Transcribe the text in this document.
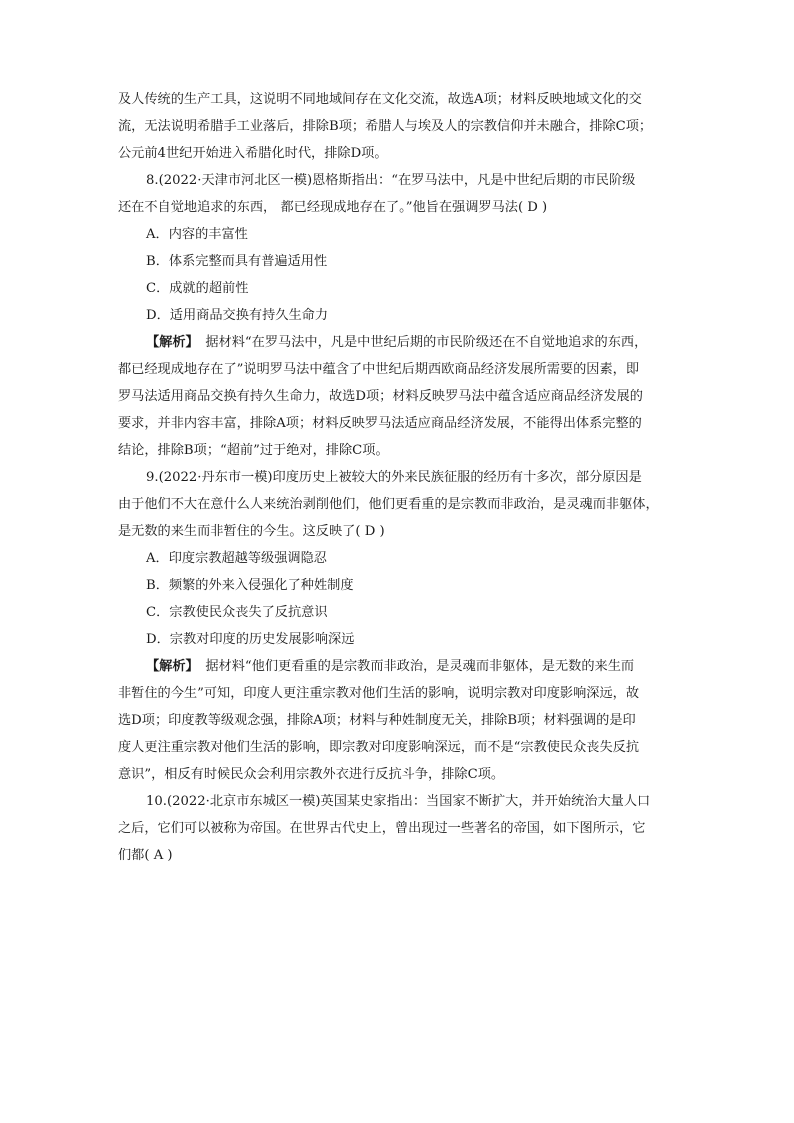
及人传统的生产工具，这说明不同地域间存在文化交流，故选A项；材料反映地域文化的交
流，无法说明希腊手工业落后，排除B项；希腊人与埃及人的宗教信仰并未融合，排除C项；
公元前4世纪开始进入希腊化时代，排除D项。
8.(2022·天津市河北区一模)恩格斯指出：“在罗马法中，凡是中世纪后期的市民阶级
还在不自觉地追求的东西， 都已经现成地存在了。”他旨在强调罗马法( D )
A．内容的丰富性
B．体系完整而具有普遍适用性
C．成就的超前性
D．适用商品交换有持久生命力
【解析】　据材料“在罗马法中，凡是中世纪后期的市民阶级还在不自觉地追求的东西，
都已经现成地存在了”说明罗马法中蕴含了中世纪后期西欧商品经济发展所需要的因素，即
罗马法适用商品交换有持久生命力，故选D项；材料反映罗马法中蕴含适应商品经济发展的
要求，并非内容丰富，排除A项；材料反映罗马法适应商品经济发展，不能得出体系完整的
结论，排除B项；“超前”过于绝对，排除C项。
9.(2022·丹东市一模)印度历史上被较大的外来民族征服的经历有十多次，部分原因是
由于他们不大在意什么人来统治剥削他们，他们更看重的是宗教而非政治，是灵魂而非躯体，
是无数的来生而非暂住的今生。这反映了( D )
A．印度宗教超越等级强调隐忍
B．频繁的外来入侵强化了种姓制度
C．宗教使民众丧失了反抗意识
D．宗教对印度的历史发展影响深远
【解析】　据材料“他们更看重的是宗教而非政治，是灵魂而非躯体，是无数的来生而
非暂住的今生”可知，印度人更注重宗教对他们生活的影响，说明宗教对印度影响深远，故
选D项；印度教等级观念强，排除A项；材料与种姓制度无关，排除B项；材料强调的是印
度人更注重宗教对他们生活的影响，即宗教对印度影响深远，而不是“宗教使民众丧失反抗
意识”，相反有时候民众会利用宗教外衣进行反抗斗争，排除C项。
10.(2022·北京市东城区一模)英国某史家指出：当国家不断扩大，并开始统治大量人口
之后，它们可以被称为帝国。在世界古代史上，曾出现过一些著名的帝国，如下图所示，它
们都( A )
